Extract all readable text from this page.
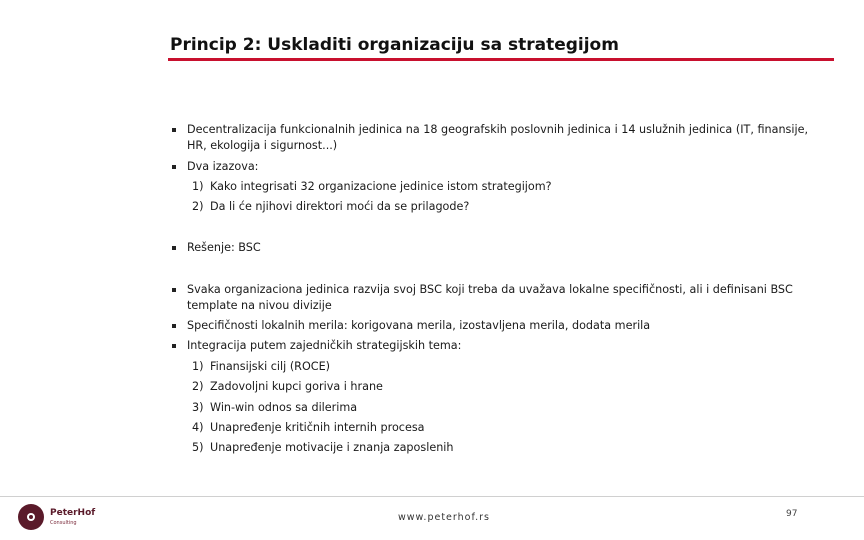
Princip 2: Uskladiti organizaciju sa strategijom
Decentralizacija funkcionalnih jedinica na 18 geografskih poslovnih jedinica i 14 uslužnih jedinica (IT, finansije, HR, ekologija i sigurnost...)
Dva izazova:
1) Kako integrisati 32 organizacione jedinice istom strategijom?
2) Da li će njihovi direktori moći da se prilagode?
Rešenje: BSC
Svaka organizaciona jedinica razvija svoj BSC koji treba da uvažava lokalne specifičnosti, ali i definisani BSC template na nivou divizije
Specifičnosti lokalnih merila: korigovana merila, izostavljena merila, dodata merila
Integracija putem zajedničkih strategijskih tema:
1) Finansijski cilj (ROCE)
2) Zadovoljni kupci goriva i hrane
3) Win-win odnos sa dilerima
4) Unapređenje kritičnih internih procesa
5) Unapređenje motivacije i znanja zaposlenih
PeterHof
Consulting	www.peterhof.rs	97
